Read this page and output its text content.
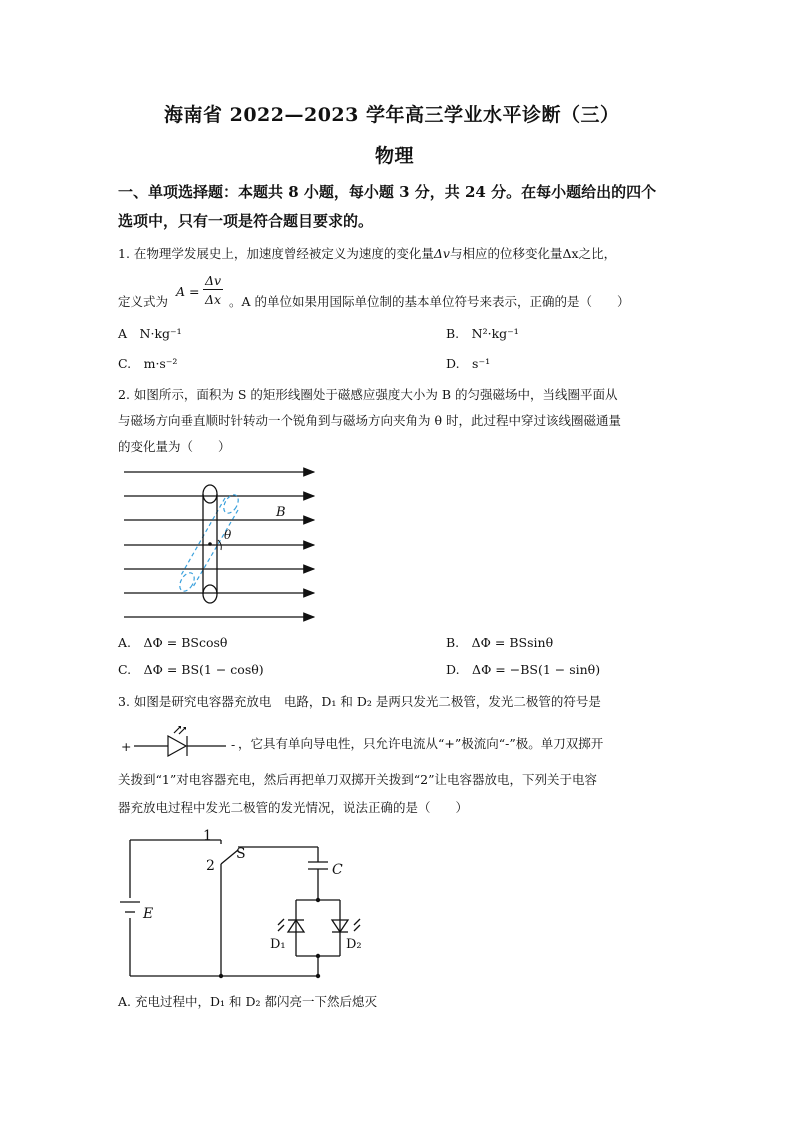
海南省 2022—2023 学年高三学业水平诊断（三）
物理
一、单项选择题：本题共 8 小题，每小题 3 分，共 24 分。在每小题给出的四个
选项中，只有一项是符合题目要求的。
1. 在物理学发展史上，加速度曾经被定义为速度的变化量Δv与相应的位移变化量Δx之比，
定义式为
A =
Δv
Δx 。A 的单位如果用国际单位制的基本单位符号来表示，正确的是（　　）
A　N·kg⁻¹	B.　N²·kg⁻¹
C.　m·s⁻²	D.　s⁻¹
2. 如图所示，面积为 S 的矩形线圈处于磁感应强度大小为 B 的匀强磁场中，当线圈平面从
与磁场方向垂直顺时针转动一个锐角到与磁场方向夹角为 θ 时，此过程中穿过该线圈磁通量
的变化量为（　　）
B
θ
A.　ΔΦ = BScosθ	B.　ΔΦ = BSsinθ
C.　ΔΦ = BS(1 − cosθ)	D.　ΔΦ = −BS(1 − sinθ)
3. 如图是研究电容器充放电　电路，D₁ 和 D₂ 是两只发光二极管，发光二极管的符号是
+	- ，它具有单向导电性，只允许电流从“+”极流向“-”极。单刀双掷开
关拨到“1”对电容器充电，然后再把单刀双掷开关拨到“2”让电容器放电，下列关于电容
器充放电过程中发光二极管的发光情况，说法正确的是（　　）
1
2
S
C
E
D₁	D₂
A. 充电过程中，D₁ 和 D₂ 都闪亮一下然后熄灭
